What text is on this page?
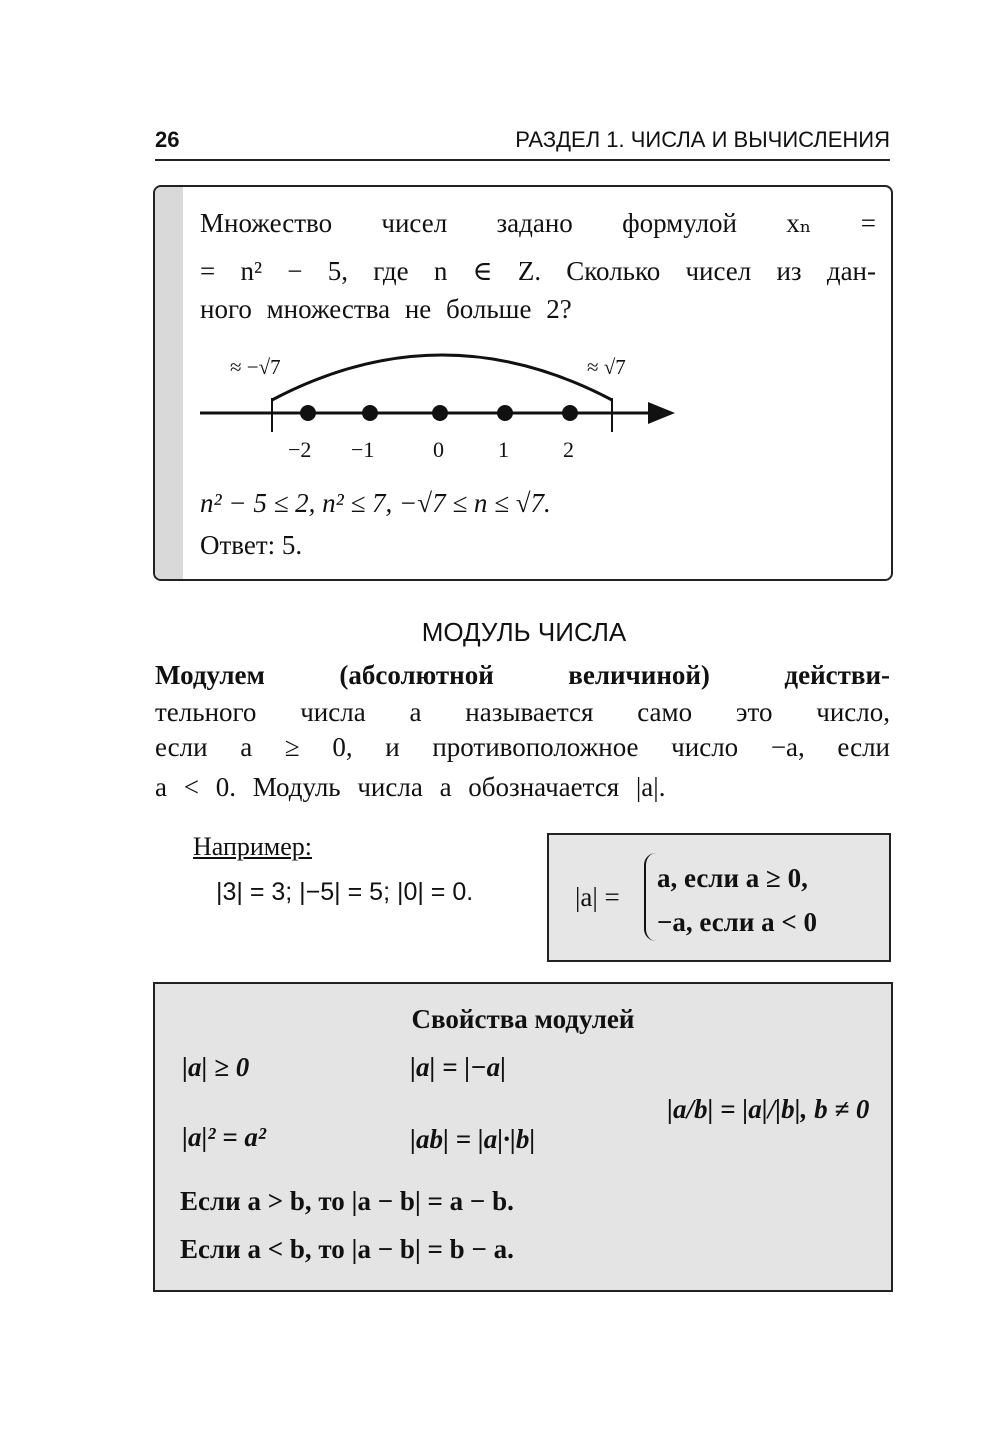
26	РАЗДЕЛ 1. ЧИСЛА И ВЫЧИСЛЕНИЯ
Множество чисел задано формулой xₙ =
= n² − 5, где n ∈ Z. Сколько чисел из дан-
ного множества не больше 2?
≈ −√7	≈ √7
−2 −1	0 1 2
n² − 5 ≤ 2, n² ≤ 7, −√7 ≤ n ≤ √7.
Ответ: 5.
МОДУЛЬ ЧИСЛА
Модулем (абсолютной величиной) действи-
тельного числа a называется само это число,
если a ≥ 0, и противоположное число −a, если
a < 0. Модуль числа a обозначается |a|.
Например:
|3| = 3; |−5| = 5; |0| = 0.	|a| =
a, если a ≥ 0,
−a, если a < 0
Свойства модулей
|a| ≥ 0	|a| = |−a|
|a|² = a²	|ab| = |a|·|b|
|a/b| = |a|/|b|, b ≠ 0
Если a > b, то |a − b| = a − b.
Если a < b, то |a − b| = b − a.
